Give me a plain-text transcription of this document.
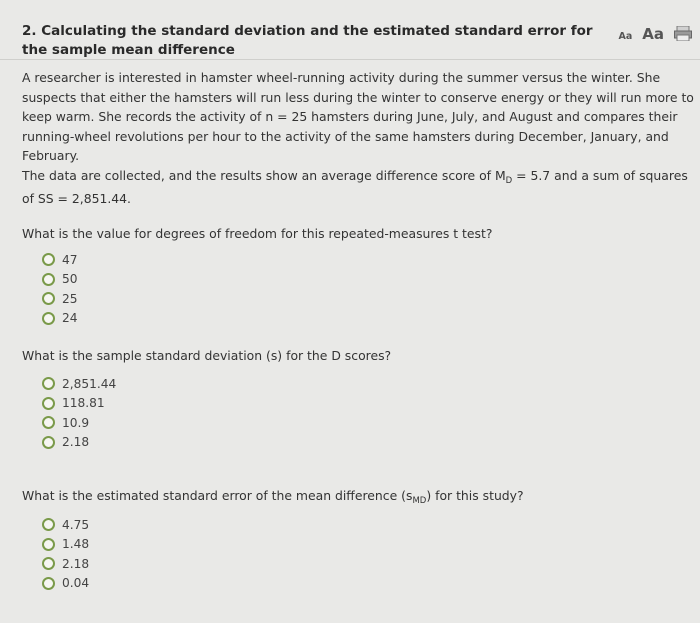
2. Calculating the standard deviation and the estimated standard error for the sample mean difference
Aa Aa
A researcher is interested in hamster wheel-running activity during the summer versus the winter. She suspects that either the hamsters will run less during the winter to conserve energy or they will run more to keep warm. She records the activity of n = 25 hamsters during June, July, and August and compares their running-wheel revolutions per hour to the activity of the same hamsters during December, January, and February.
The data are collected, and the results show an average difference score of $M_D = 5.7$ and a sum of squares of SS = 2,851.44.
What is the value for degrees of freedom for this repeated-measures t test?
47
50
25
24
What is the sample standard deviation (s) for the D scores?
2,851.44
118.81
10.9
2.18
What is the estimated standard error of the mean difference $(s_{MD})$ for this study?
4.75
1.48
2.18
0.04
